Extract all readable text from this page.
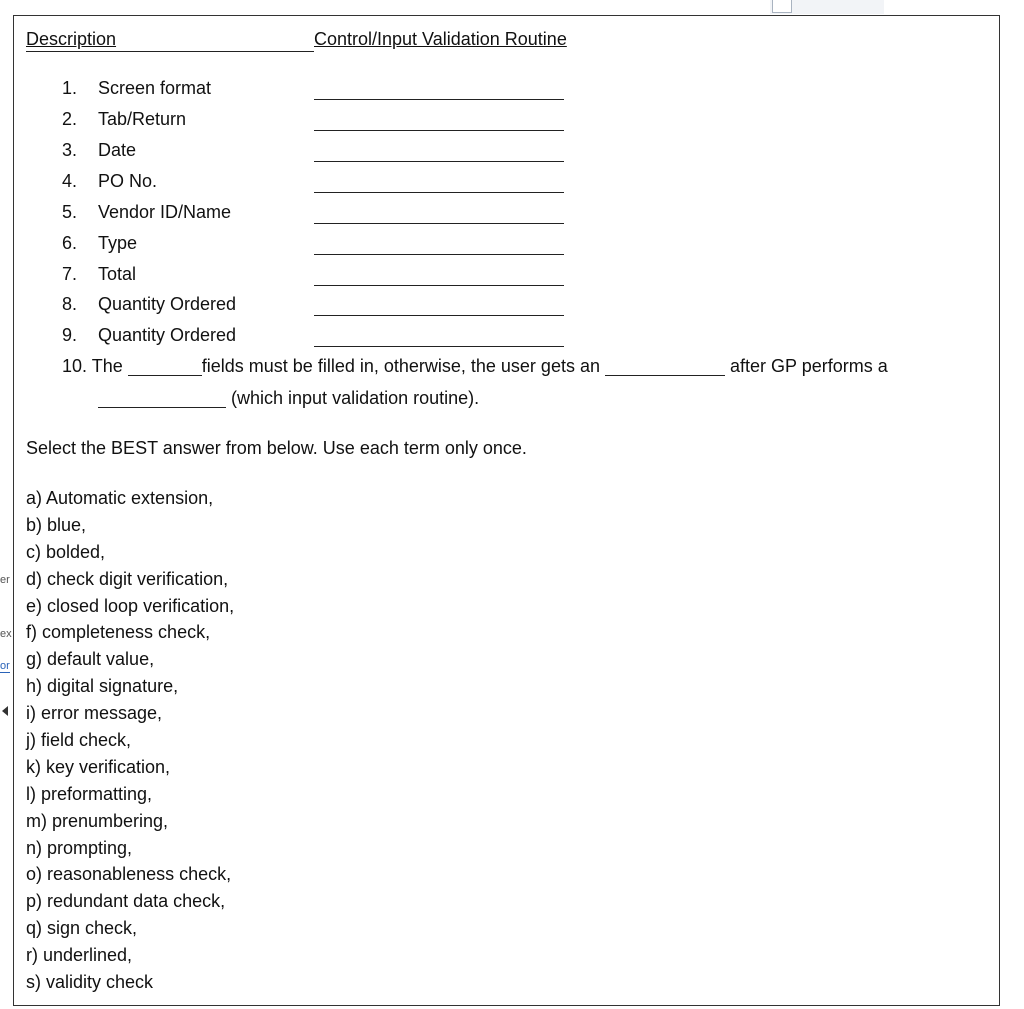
er
ex
or
Description	Control/Input Validation Routine
1. Screen format
2. Tab/Return
3. Date
4. PO No.
5. Vendor ID/Name
6. Type
7. Total
8. Quantity Ordered
9. Quantity Ordered
10. The	fields must be filled in, otherwise, the user gets an	after GP performs a
(which input validation routine).
Select the BEST answer from below. Use each term only once.
a) Automatic extension,
b) blue,
c) bolded,
d) check digit verification,
e) closed loop verification,
f) completeness check,
g) default value,
h) digital signature,
i) error message,
j) field check,
k) key verification,
l) preformatting,
m) prenumbering,
n) prompting,
o) reasonableness check,
p) redundant data check,
q) sign check,
r) underlined,
s) validity check
